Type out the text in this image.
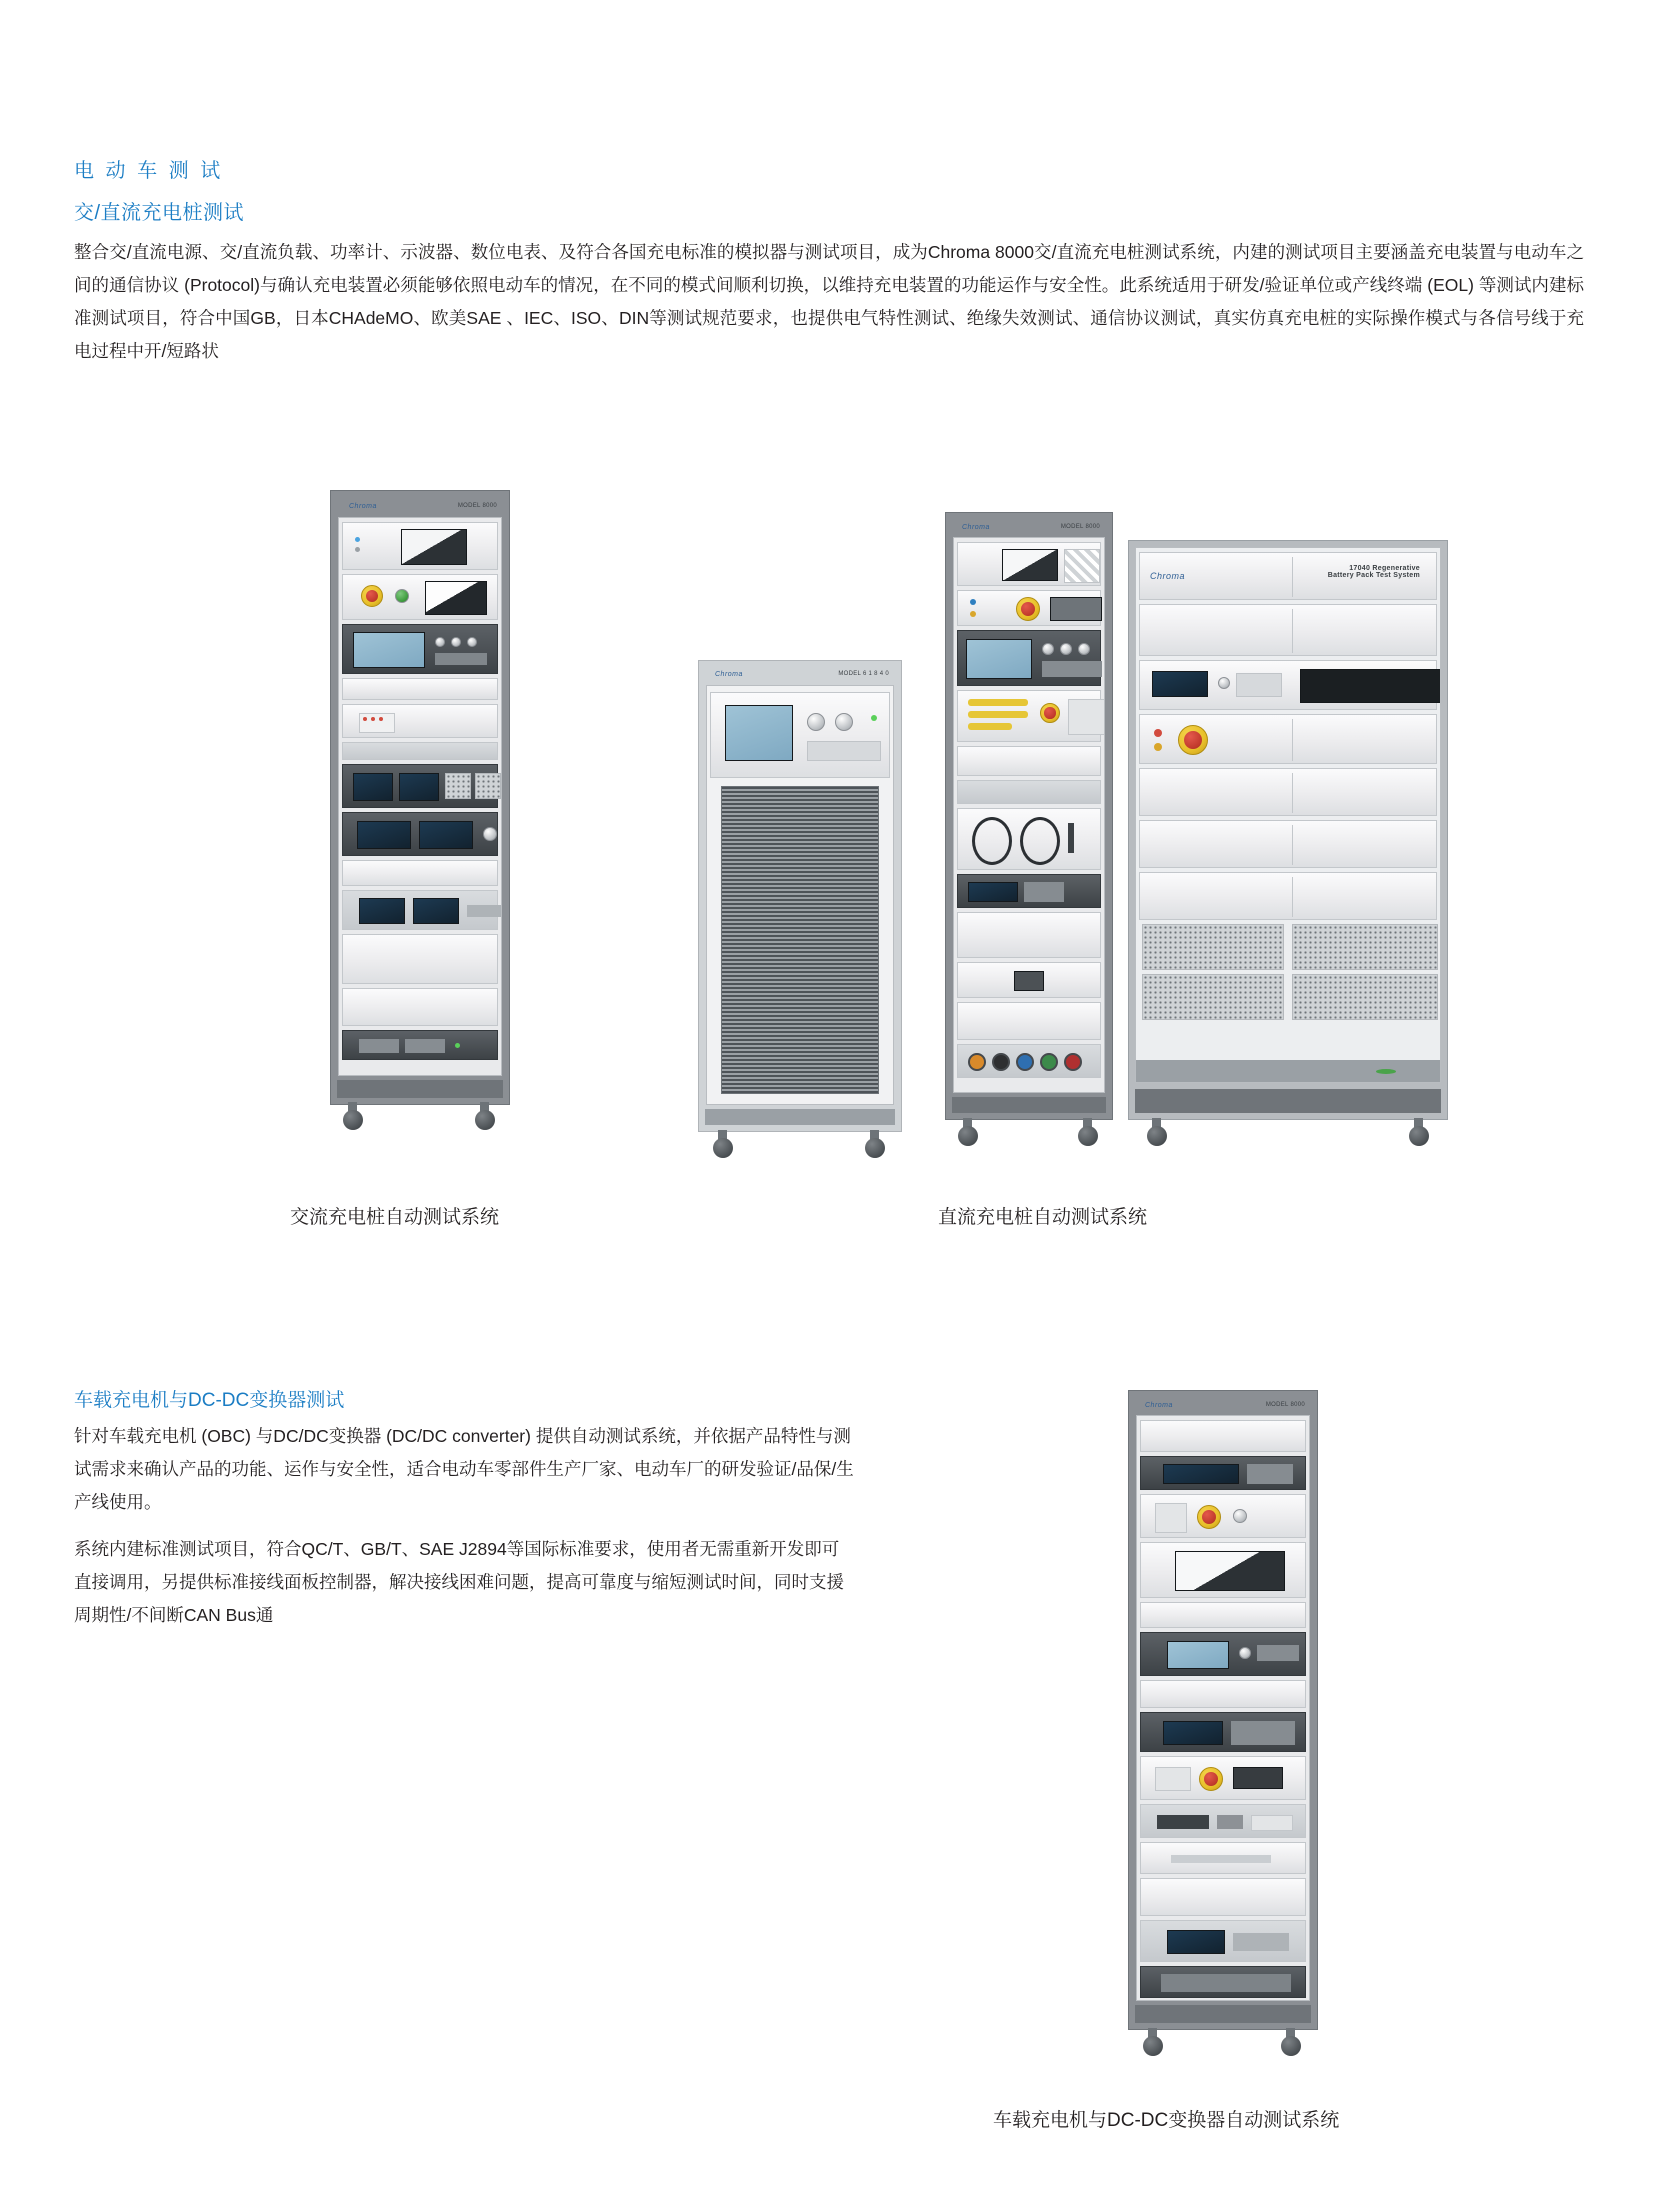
电 动 车 测 试
交/直流充电桩测试
整合交/直流电源、交/直流负载、功率计、示波器、数位电表、及符合各国充电标准的模拟器与测试项目，成为Chroma 8000交/直流充电桩测试系统，内建的测试项目主要涵盖充电装置与电动车之间的通信协议 (Protocol)与确认充电装置必须能够依照电动车的情况，在不同的模式间顺利切换，以维持充电装置的功能运作与安全性。此系统适用于研发/验证单位或产线终端 (EOL) 等测试内建标准测试项目，符合中国GB，日本CHAdeMO、欧美SAE 、IEC、ISO、DIN等测试规范要求，也提供电气特性测试、绝缘失效测试、通信协议测试，真实仿真充电桩的实际操作模式与各信号线于充电过程中开/短路状
Chroma	MODEL 8000
Chroma	MODEL 6 1 8 4 0
Chroma	MODEL 8000
Chroma
17040 Regenerative
Battery Pack Test System
交流充电桩自动测试系统	直流充电桩自动测试系统
车载充电机与DC-DC变换器测试
针对车载充电机 (OBC) 与DC/DC变换器 (DC/DC converter) 提供自动测试系统，并依据产品特性与测试需求来确认产品的功能、运作与安全性，适合电动车零部件生产厂家、电动车厂的研发验证/品保/生产线使用。
系统内建标准测试项目，符合QC/T、GB/T、SAE J2894等国际标准要求，使用者无需重新开发即可直接调用，另提供标准接线面板控制器，解决接线困难问题，提高可靠度与缩短测试时间，同时支援周期性/不间断CAN Bus通
Chroma	MODEL 8000
车载充电机与DC-DC变换器自动测试系统
